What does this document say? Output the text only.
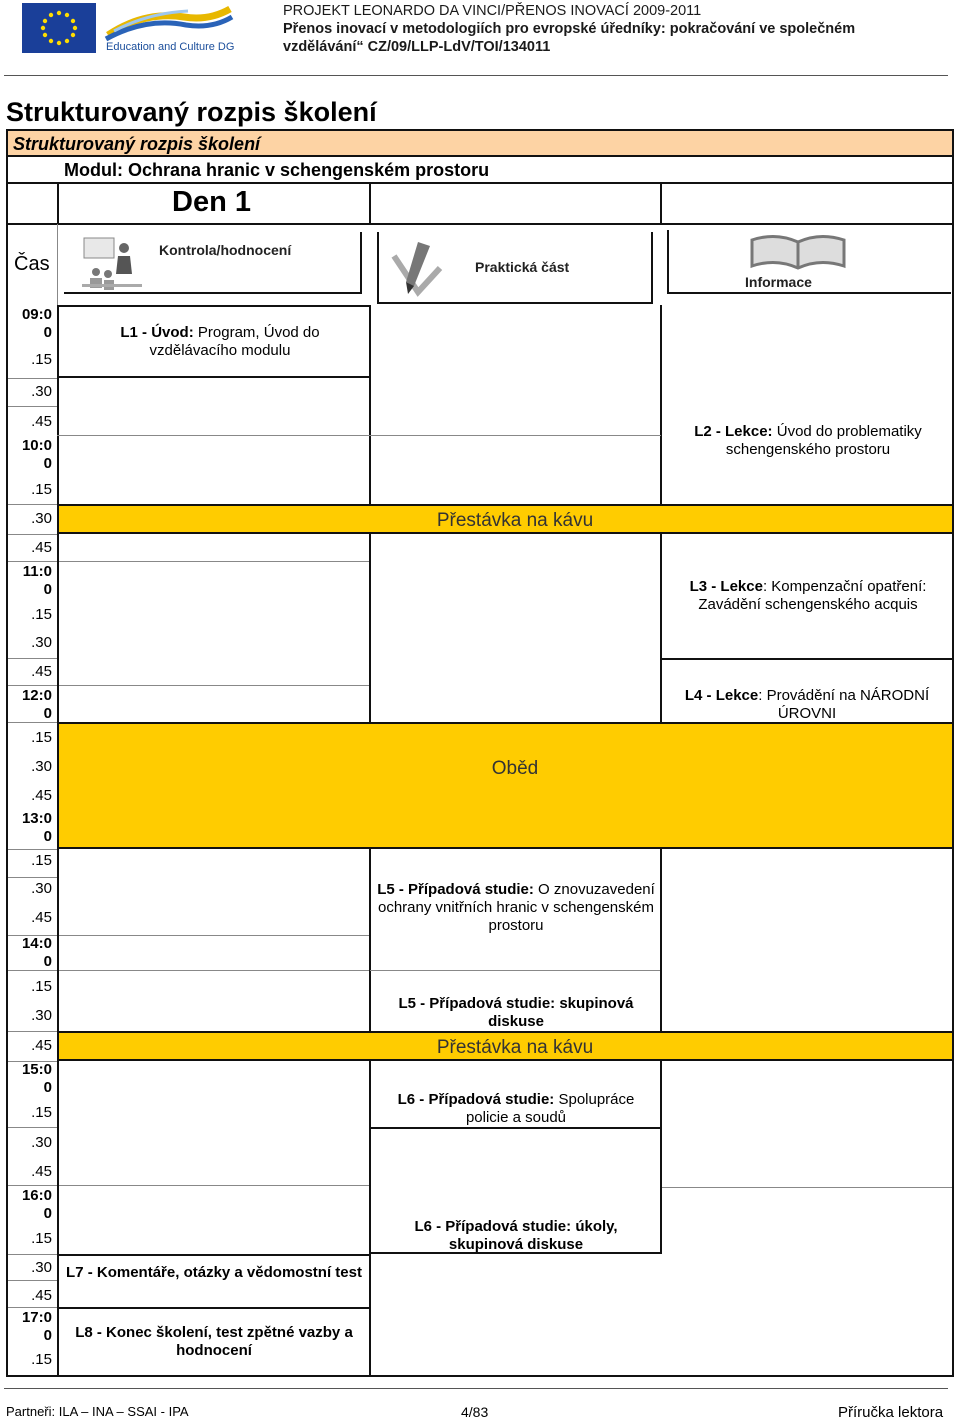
Education and Culture DG
PROJEKT LEONARDO DA VINCI/PŘENOS INOVACÍ 2009-2011
Přenos inovací v metodologiích pro evropské úředníky: pokračování ve společném
vzdělávání“ CZ/09/LLP-LdV/TOI/134011
Strukturovaný rozpis školení
Strukturovaný rozpis školení
Modul: Ochrana hranic v schengenském prostoru
Den 1
Čas
Kontrola/hodnocení
Praktická část
Informace
L1 - Úvod: Program, Úvod do vzdělávacího modulu
L2 - Lekce: Úvod do problematiky schengenského prostoru
Přestávka na kávu
L3 - Lekce: Kompenzační opatření: Zavádění schengenského acquis
L4 - Lekce: Provádění na NÁRODNÍ ÚROVNI
Oběd
L5 - Případová studie: O znovuzavedení ochrany vnitřních hranic v schengenském prostoru
L5 - Případová studie: skupinová diskuse
Přestávka na kávu
L6 - Případová studie: Spolupráce policie a soudů
L6 - Případová studie: úkoly, skupinová diskuse
L7 - Komentáře, otázky a vědomostní test
L8 - Konec školení, test zpětné vazby a hodnocení
09:0
0
.15
.30
.45
10:0
0
.15
.30
.45
11:0
0
.15
.30
.45
12:0
0
.15
.30
.45
13:0
0
.15
.30
.45
14:0
0
.15
.30
.45
15:0
0
.15
.30
.45
16:0
0
.15
.30
.45
17:0
0
.15
Partneři: ILA – INA – SSAI - IPA	4/83	Příručka lektora
